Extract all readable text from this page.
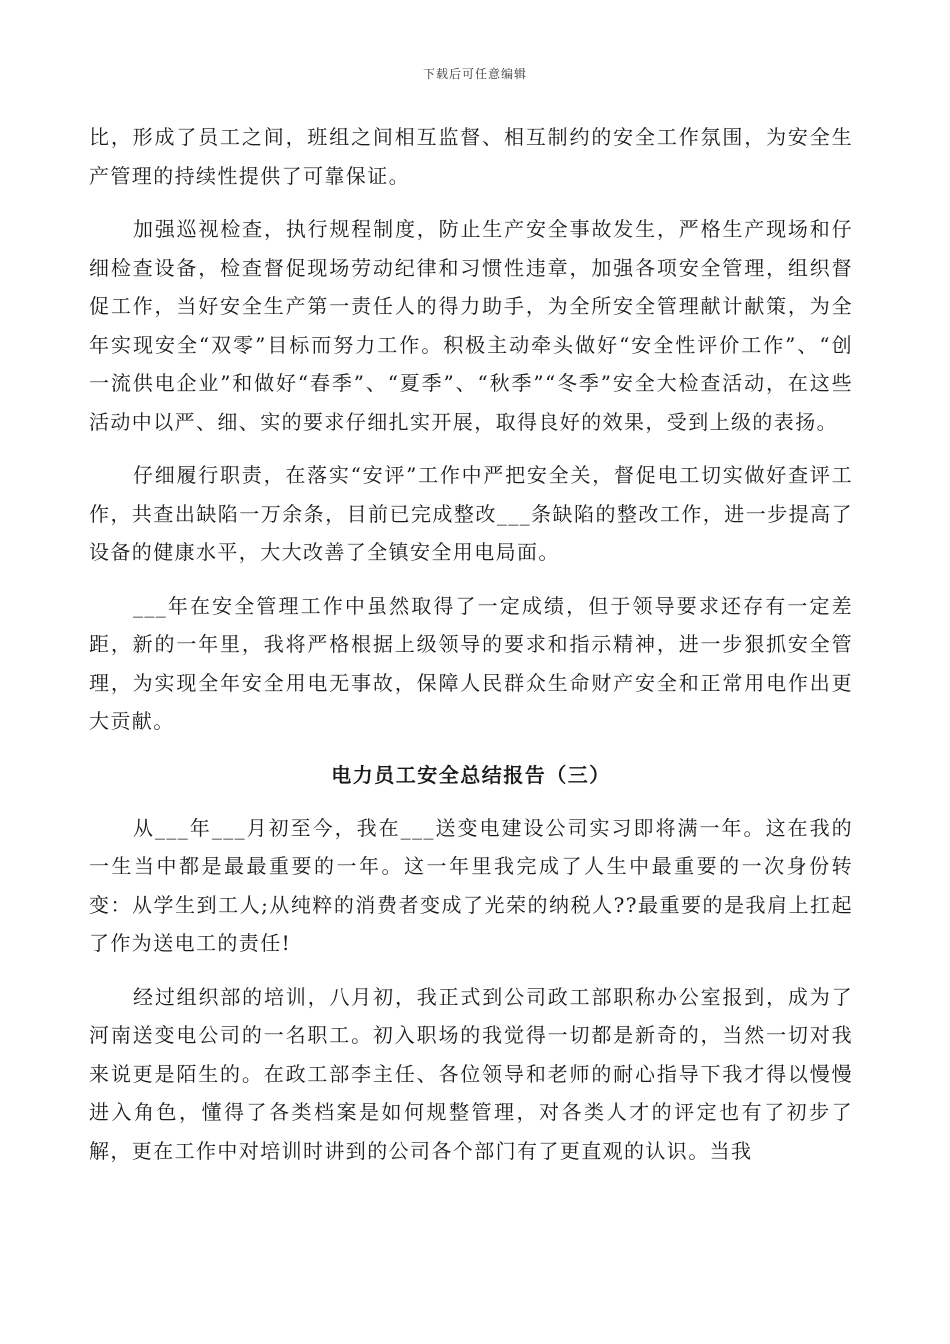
下载后可任意编辑

比，形成了员工之间，班组之间相互监督、相互制约的安全工作氛围，为安全生产管理的持续性提供了可靠保证。

加强巡视检查，执行规程制度，防止生产安全事故发生，严格生产现场和仔细检查设备，检查督促现场劳动纪律和习惯性违章，加强各项安全管理，组织督促工作，当好安全生产第一责任人的得力助手，为全所安全管理献计献策，为全年实现安全“双零”目标而努力工作。积极主动牵头做好“安全性评价工作”、“创一流供电企业”和做好“春季”、“夏季”、“秋季”“冬季”安全大检查活动，在这些活动中以严、细、实的要求仔细扎实开展，取得良好的效果，受到上级的表扬。

仔细履行职责，在落实“安评”工作中严把安全关，督促电工切实做好查评工作，共查出缺陷一万余条，目前已完成整改___条缺陷的整改工作，进一步提高了设备的健康水平，大大改善了全镇安全用电局面。

___年在安全管理工作中虽然取得了一定成绩，但于领导要求还存有一定差距，新的一年里，我将严格根据上级领导的要求和指示精神，进一步狠抓安全管理，为实现全年安全用电无事故，保障人民群众生命财产安全和正常用电作出更大贡献。

电力员工安全总结报告（三）

从___年___月初至今，我在___送变电建设公司实习即将满一年。这在我的一生当中都是最最重要的一年。这一年里我完成了人生中最重要的一次身份转变：从学生到工人;从纯粹的消费者变成了光荣的纳税人??最重要的是我肩上扛起了作为送电工的责任!

经过组织部的培训，八月初，我正式到公司政工部职称办公室报到，成为了河南送变电公司的一名职工。初入职场的我觉得一切都是新奇的，当然一切对我来说更是陌生的。在政工部李主任、各位领导和老师的耐心指导下我才得以慢慢进入角色，懂得了各类档案是如何规整管理，对各类人才的评定也有了初步了解，更在工作中对培训时讲到的公司各个部门有了更直观的认识。当我
